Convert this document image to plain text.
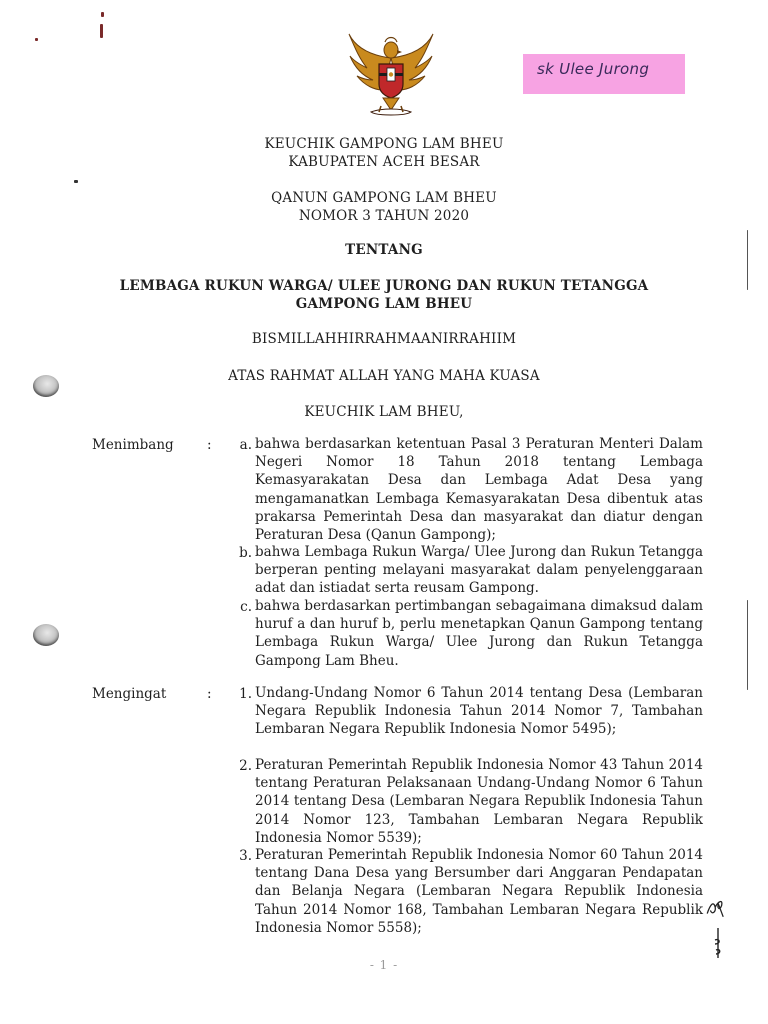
sk Ulee Jurong
KEUCHIK GAMPONG LAM BHEU
KABUPATEN ACEH BESAR
QANUN GAMPONG LAM BHEU
NOMOR 3 TAHUN 2020
TENTANG
LEMBAGA RUKUN WARGA/ ULEE JURONG DAN RUKUN TETANGGA
GAMPONG LAM BHEU
BISMILLAHHIRRAHMAANIRRAHIIM
ATAS RAHMAT ALLAH YANG MAHA KUASA
KEUCHIK LAM BHEU,
Menimbang :	a. bahwa berdasarkan ketentuan Pasal 3 Peraturan Menteri Dalam Negeri Nomor 18 Tahun 2018 tentang Lembaga Kemasyarakatan Desa dan Lembaga Adat Desa yang mengamanatkan Lembaga Kemasyarakatan Desa dibentuk atas prakarsa Pemerintah Desa dan masyarakat dan diatur dengan Peraturan Desa (Qanun Gampong);
b. bahwa Lembaga Rukun Warga/ Ulee Jurong dan Rukun Tetangga berperan penting melayani masyarakat dalam penyelenggaraan adat dan istiadat serta reusam Gampong.
c. bahwa berdasarkan pertimbangan sebagaimana dimaksud dalam huruf a dan huruf b, perlu menetapkan Qanun Gampong tentang Lembaga Rukun Warga/ Ulee Jurong dan Rukun Tetangga Gampong Lam Bheu.
Mengingat	:	1. Undang-Undang Nomor 6 Tahun 2014 tentang Desa (Lembaran Negara Republik Indonesia Tahun 2014 Nomor 7, Tambahan Lembaran Negara Republik Indonesia Nomor 5495);
2. Peraturan Pemerintah Republik Indonesia Nomor 43 Tahun 2014 tentang Peraturan Pelaksanaan Undang-Undang Nomor 6 Tahun 2014 tentang Desa (Lembaran Negara Republik Indonesia Tahun 2014 Nomor 123, Tambahan Lembaran Negara Republik Indonesia Nomor 5539);
3. Peraturan Pemerintah Republik Indonesia Nomor 60 Tahun 2014 tentang Dana Desa yang Bersumber dari Anggaran Pendapatan dan Belanja Negara (Lembaran Negara Republik Indonesia Tahun 2014 Nomor 168, Tambahan Lembaran Negara Republik Indonesia Nomor 5558);
- 1 -
